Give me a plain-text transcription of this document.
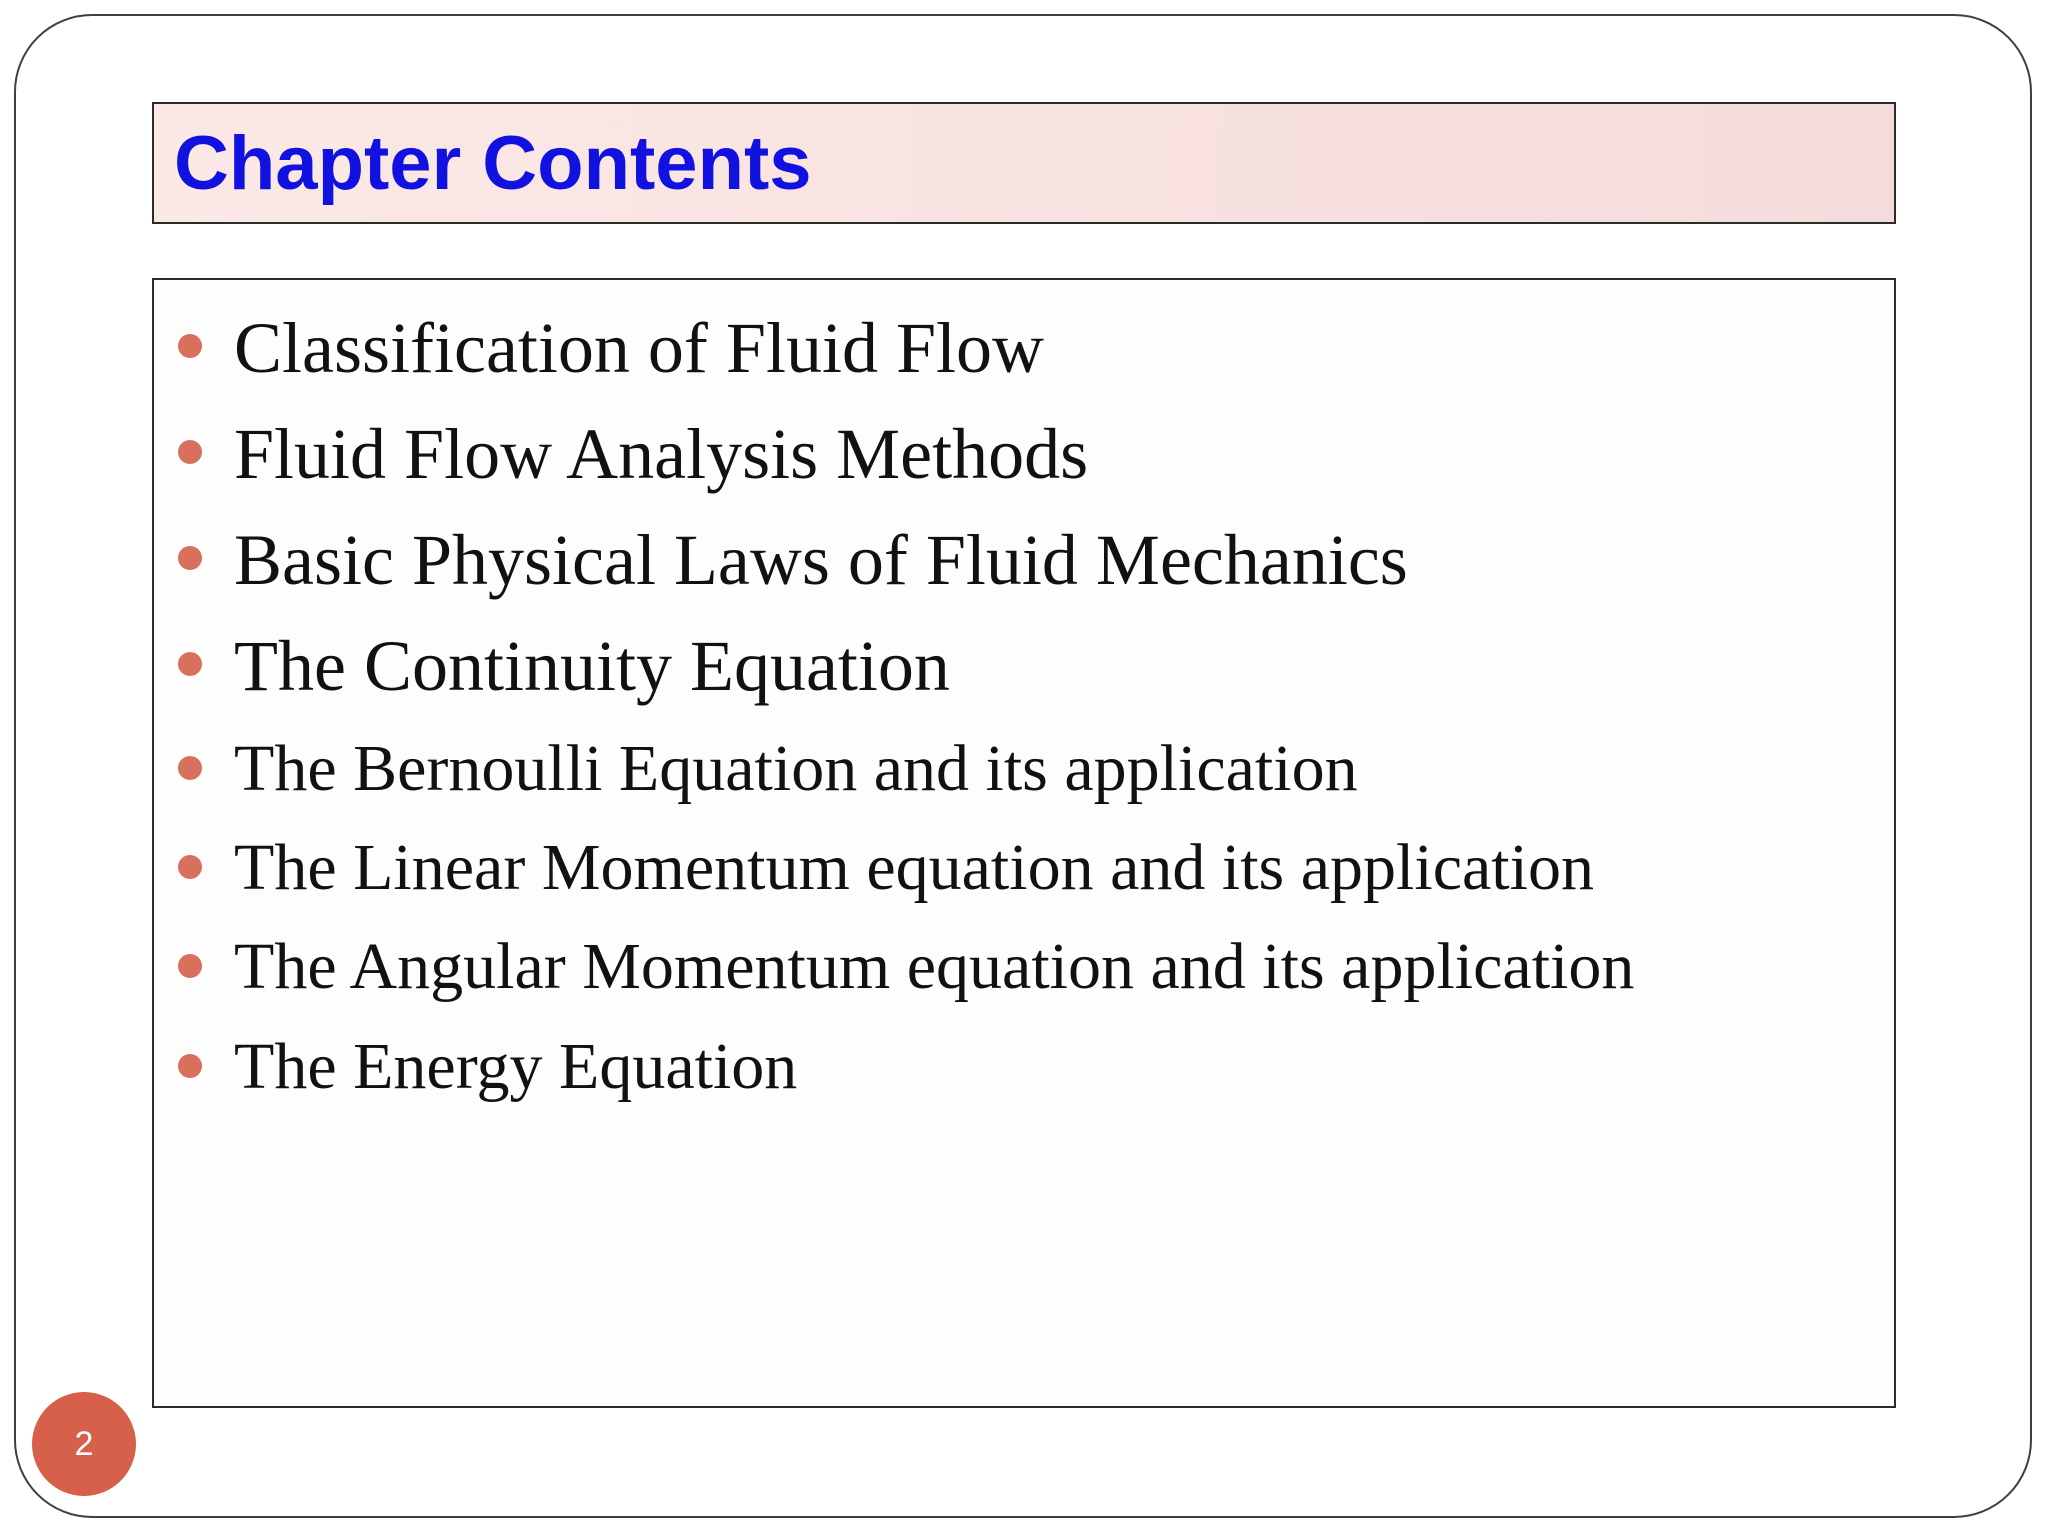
Chapter Contents
Classification of Fluid Flow
Fluid Flow Analysis Methods
Basic Physical Laws of Fluid Mechanics
The Continuity Equation
The Bernoulli Equation and its application
The Linear Momentum equation and its application
The Angular Momentum equation and its application
The Energy Equation
2
